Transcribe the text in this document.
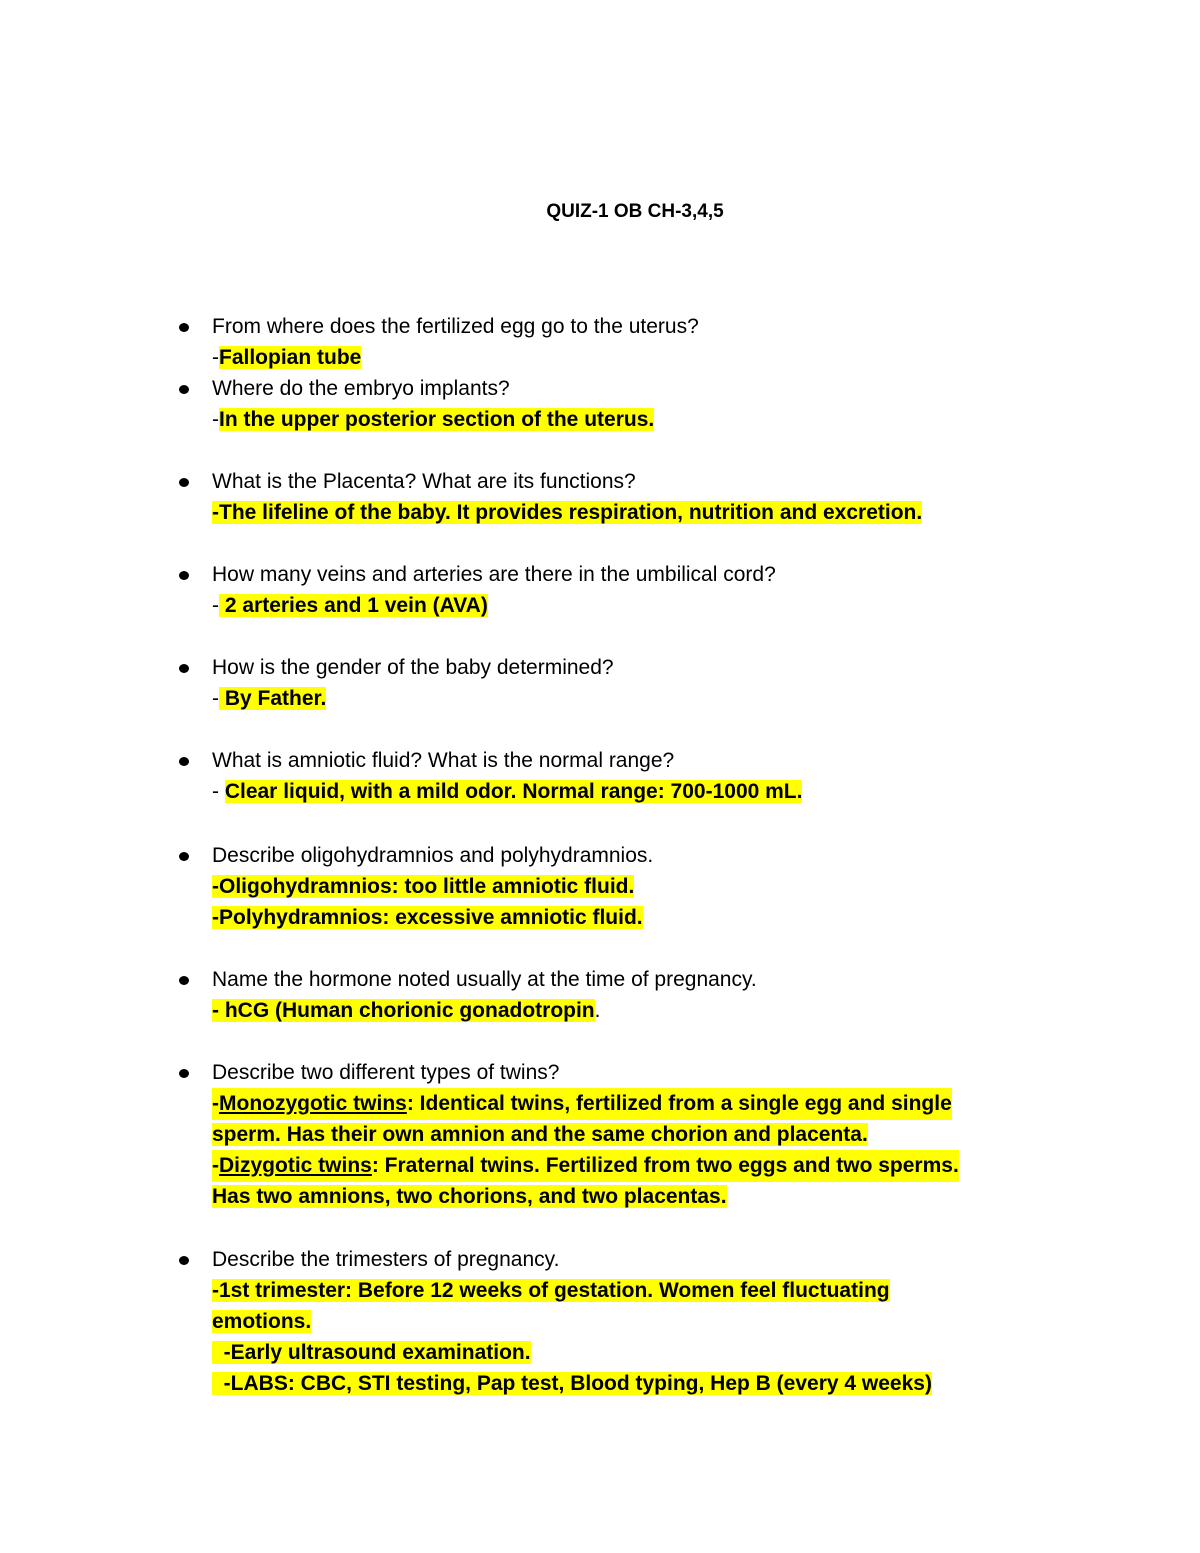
QUIZ-1 OB CH-3,4,5
From where does the fertilized egg go to the uterus?
-Fallopian tube
Where do the embryo implants?
-In the upper posterior section of the uterus.
What is the Placenta? What are its functions?
-The lifeline of the baby. It provides respiration, nutrition and excretion.
How many veins and arteries are there in the umbilical cord?
- 2 arteries and 1 vein (AVA)
How is the gender of the baby determined?
- By Father.
What is amniotic fluid? What is the normal range?
- Clear liquid, with a mild odor. Normal range: 700-1000 mL.
Describe oligohydramnios and polyhydramnios.
-Oligohydramnios: too little amniotic fluid.
-Polyhydramnios: excessive amniotic fluid.
Name the hormone noted usually at the time of pregnancy.
- hCG (Human chorionic gonadotropin.
Describe two different types of twins?
-Monozygotic twins: Identical twins, fertilized from a single egg and single
sperm. Has their own amnion and the same chorion and placenta.
-Dizygotic twins: Fraternal twins. Fertilized from two eggs and two sperms.
Has two amnions, two chorions, and two placentas.
Describe the trimesters of pregnancy.
-1st trimester: Before 12 weeks of gestation. Women feel fluctuating
emotions.
-Early ultrasound examination.
-LABS: CBC, STI testing, Pap test, Blood typing, Hep B (every 4 weeks)
